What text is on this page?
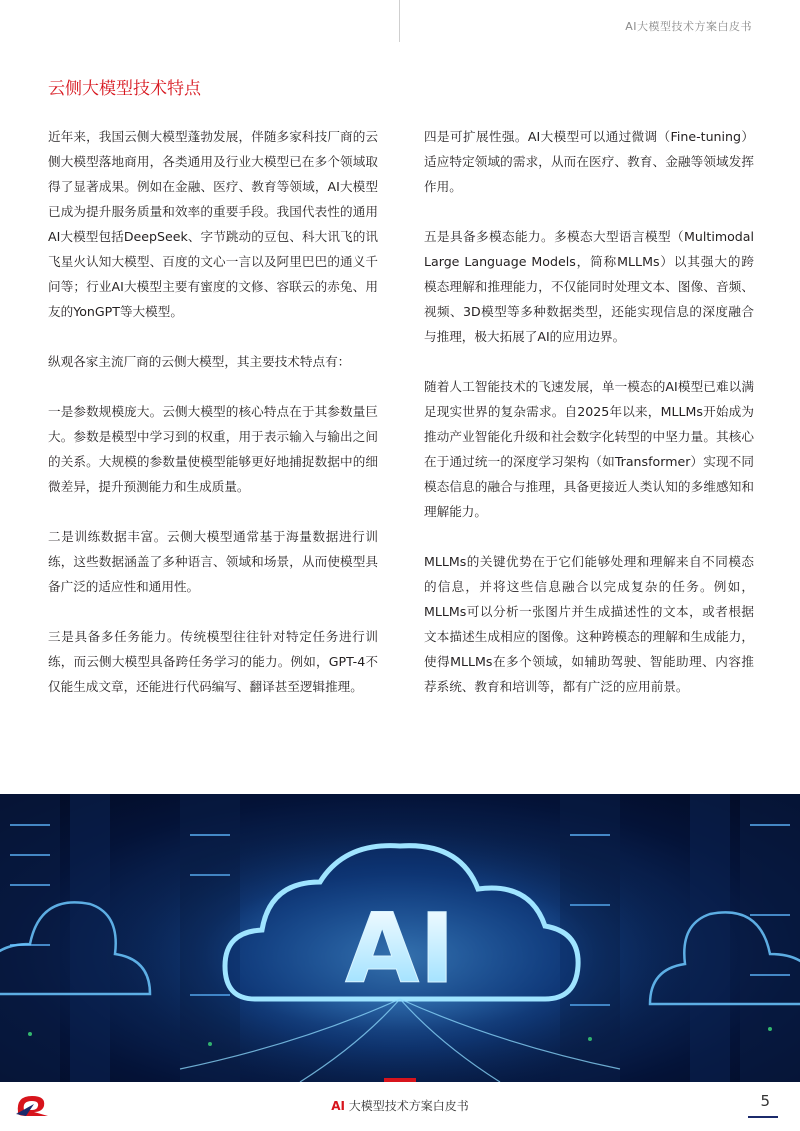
AI大模型技术方案白皮书
云侧大模型技术特点

近年来，我国云侧大模型蓬勃发展，伴随多家科技厂商的云侧大模型落地商用，各类通用及行业大模型已在多个领域取得了显著成果。例如在金融、医疗、教育等领域，AI大模型已成为提升服务质量和效率的重要手段。我国代表性的通用AI大模型包括DeepSeek、字节跳动的豆包、科大讯飞的讯飞星火认知大模型、百度的文心一言以及阿里巴巴的通义千问等；行业AI大模型主要有蜜度的文修、容联云的赤兔、用友的YonGPT等大模型。

纵观各家主流厂商的云侧大模型，其主要技术特点有：

一是参数规模庞大。云侧大模型的核心特点在于其参数量巨大。参数是模型中学习到的权重，用于表示输入与输出之间的关系。大规模的参数量使模型能够更好地捕捉数据中的细微差异，提升预测能力和生成质量。

二是训练数据丰富。云侧大模型通常基于海量数据进行训练，这些数据涵盖了多种语言、领域和场景，从而使模型具备广泛的适应性和通用性。

三是具备多任务能力。传统模型往往针对特定任务进行训练，而云侧大模型具备跨任务学习的能力。例如，GPT-4不仅能生成文章，还能进行代码编写、翻译甚至逻辑推理。

四是可扩展性强。AI大模型可以通过微调（Fine-tuning）适应特定领域的需求，从而在医疗、教育、金融等领域发挥作用。

五是具备多模态能力。多模态大型语言模型（Multimodal Large Language Models，简称MLLMs）以其强大的跨模态理解和推理能力，不仅能同时处理文本、图像、音频、视频、3D模型等多种数据类型，还能实现信息的深度融合与推理，极大拓展了AI的应用边界。

随着人工智能技术的飞速发展，单一模态的AI模型已难以满足现实世界的复杂需求。自2025年以来，MLLMs开始成为推动产业智能化升级和社会数字化转型的中坚力量。其核心在于通过统一的深度学习架构（如Transformer）实现不同模态信息的融合与推理，具备更接近人类认知的多维感知和理解能力。

MLLMs的关键优势在于它们能够处理和理解来自不同模态的信息，并将这些信息融合以完成复杂的任务。例如，MLLMs可以分析一张图片并生成描述性的文本，或者根据文本描述生成相应的图像。这种跨模态的理解和生成能力，使得MLLMs在多个领域，如辅助驾驶、智能助理、内容推荐系统、教育和培训等，都有广泛的应用前景。

AI
AI 大模型技术方案白皮书	5
